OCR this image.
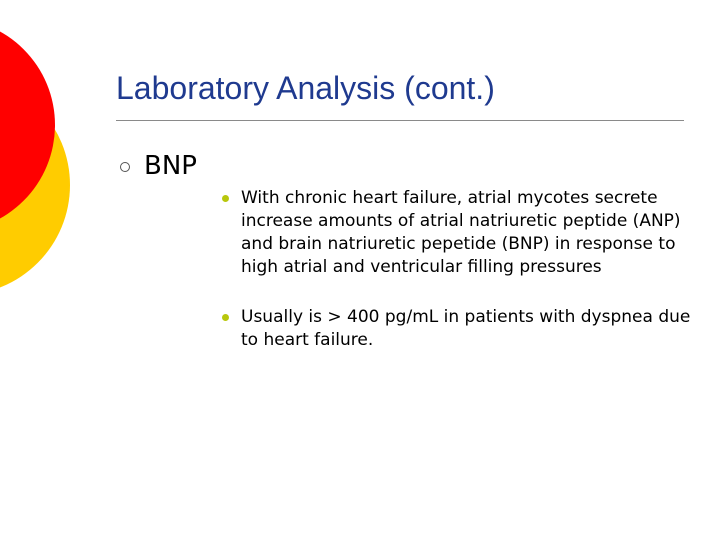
Laboratory Analysis (cont.)
BNP
With chronic heart failure, atrial mycotes secrete increase amounts of atrial natriuretic peptide (ANP) and brain natriuretic pepetide (BNP) in response to high atrial and ventricular filling pressures
Usually is > 400 pg/mL in patients with dyspnea due to heart failure.
